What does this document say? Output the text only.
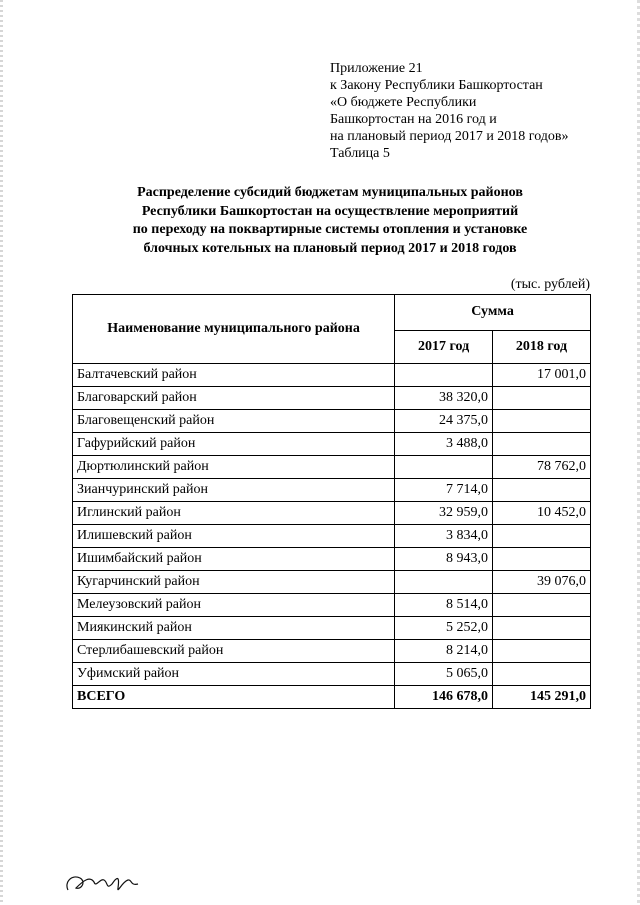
Приложение 21
к Закону Республики Башкортостан
«О бюджете Республики
Башкортостан на 2016 год и
на плановый период 2017 и 2018 годов»
Таблица 5
Распределение субсидий бюджетам муниципальных районов
Республики Башкортостан на осуществление мероприятий
по переходу на поквартирные системы отопления и установке
блочных котельных на плановый период 2017 и 2018 годов
(тыс. рублей)
Наименование муниципального района	Сумма	
	2017 год	2018 год
Балтачевский район		17 001,0
Благоварский район	38 320,0	
Благовещенский район	24 375,0	
Гафурийский район	3 488,0	
Дюртюлинский район		78 762,0
Зианчуринский район	7 714,0	
Иглинский район	32 959,0	10 452,0
Илишевский район	3 834,0	
Ишимбайский район	8 943,0	
Кугарчинский район		39 076,0
Мелеузовский район	8 514,0	
Миякинский район	5 252,0	
Стерлибашевский район	8 214,0	
Уфимский район	5 065,0	
ВСЕГО	146 678,0	145 291,0
